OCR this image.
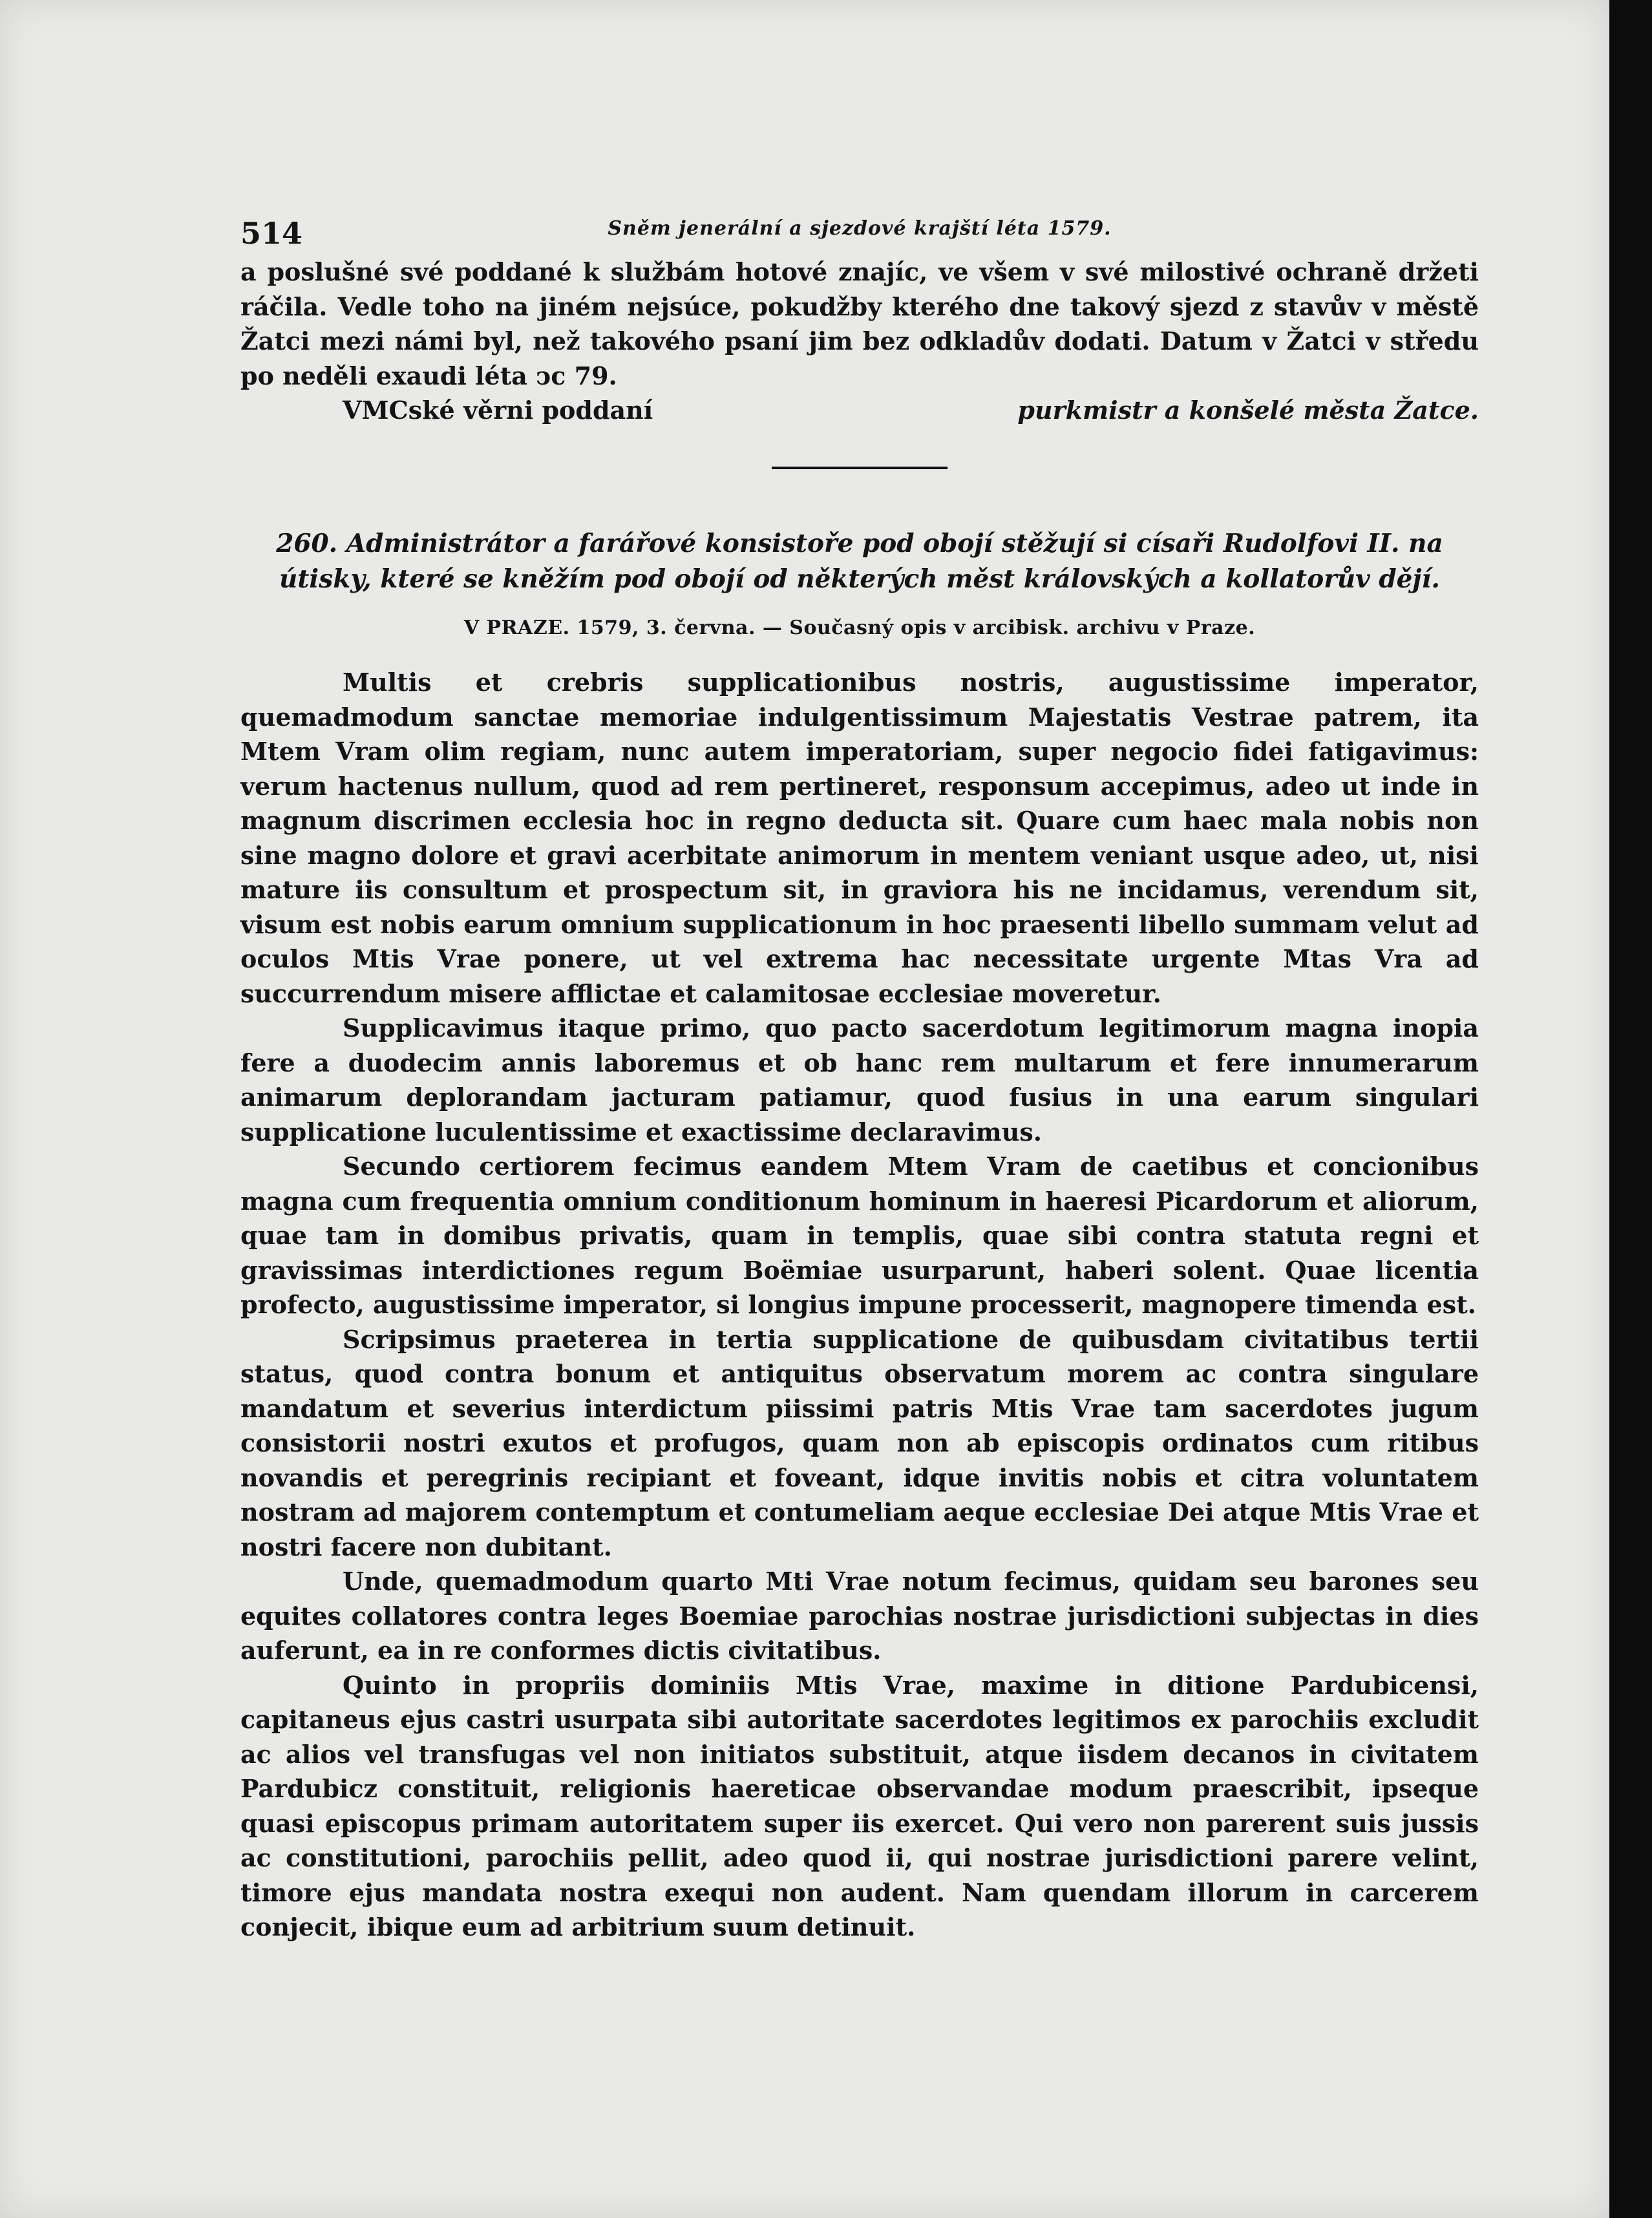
514	Sněm jenerální a sjezdové krajští léta 1579.

a poslušné své poddané k službám hotové znajíc, ve všem v své milostivé ochraně držeti ráčila. Vedle toho na jiném nejsúce, pokudžby kterého dne takový sjezd z stavův v městě Žatci mezi námi byl, než takového psaní jim bez odkladův dodati. Datum v Žatci v středu po neděli exaudi léta ↄc 79.

VMCské věrni poddaní	purkmistr a konšelé města Žatce.
260. Administrátor a farářové konsistoře pod obojí stěžují si císaři Rudolfovi II. na útisky, které se kněžím pod obojí od některých měst královských a kollatorův dějí.
V PRAZE. 1579, 3. června. — Současný opis v arcibisk. archivu v Praze.

Multis et crebris supplicationibus nostris, augustissime imperator, quemadmodum sanctae memoriae indulgentissimum Majestatis Vestrae patrem, ita Mtem Vram olim regiam, nunc autem imperatoriam, super negocio fidei fatigavimus: verum hactenus nullum, quod ad rem pertineret, responsum accepimus, adeo ut inde in magnum discrimen ecclesia hoc in regno deducta sit. Quare cum haec mala nobis non sine magno dolore et gravi acerbitate animorum in mentem veniant usque adeo, ut, nisi mature iis consultum et prospectum sit, in graviora his ne incidamus, verendum sit, visum est nobis earum omnium supplicationum in hoc praesenti libello summam velut ad oculos Mtis Vrae ponere, ut vel extrema hac necessitate urgente Mtas Vra ad succurrendum misere afflictae et calamitosae ecclesiae moveretur.

Supplicavimus itaque primo, quo pacto sacerdotum legitimorum magna inopia fere a duodecim annis laboremus et ob hanc rem multarum et fere innumerarum animarum deplorandam jacturam patiamur, quod fusius in una earum singulari supplicatione luculentissime et exactissime declaravimus.

Secundo certiorem fecimus eandem Mtem Vram de caetibus et concionibus magna cum frequentia omnium conditionum hominum in haeresi Picardorum et aliorum, quae tam in domibus privatis, quam in templis, quae sibi contra statuta regni et gravissimas interdictiones regum Boëmiae usurparunt, haberi solent. Quae licentia profecto, augustissime imperator, si longius impune processerit, magnopere timenda est.

Scripsimus praeterea in tertia supplicatione de quibusdam civitatibus tertii status, quod contra bonum et antiquitus observatum morem ac contra singulare mandatum et severius interdictum piissimi patris Mtis Vrae tam sacerdotes jugum consistorii nostri exutos et profugos, quam non ab episcopis ordinatos cum ritibus novandis et peregrinis recipiant et foveant, idque invitis nobis et citra voluntatem nostram ad majorem contemptum et contumeliam aeque ecclesiae Dei atque Mtis Vrae et nostri facere non dubitant.

Unde, quemadmodum quarto Mti Vrae notum fecimus, quidam seu barones seu equites collatores contra leges Boemiae parochias nostrae jurisdictioni subjectas in dies auferunt, ea in re conformes dictis civitatibus.

Quinto in propriis dominiis Mtis Vrae, maxime in ditione Pardubicensi, capitaneus ejus castri usurpata sibi autoritate sacerdotes legitimos ex parochiis excludit ac alios vel transfugas vel non initiatos substituit, atque iisdem decanos in civitatem Pardubicz constituit, religionis haereticae observandae modum praescribit, ipseque quasi episcopus primam autoritatem super iis exercet. Qui vero non parerent suis jussis ac constitutioni, parochiis pellit, adeo quod ii, qui nostrae jurisdictioni parere velint, timore ejus mandata nostra exequi non audent. Nam quendam illorum in carcerem conjecit, ibique eum ad arbitrium suum detinuit.
